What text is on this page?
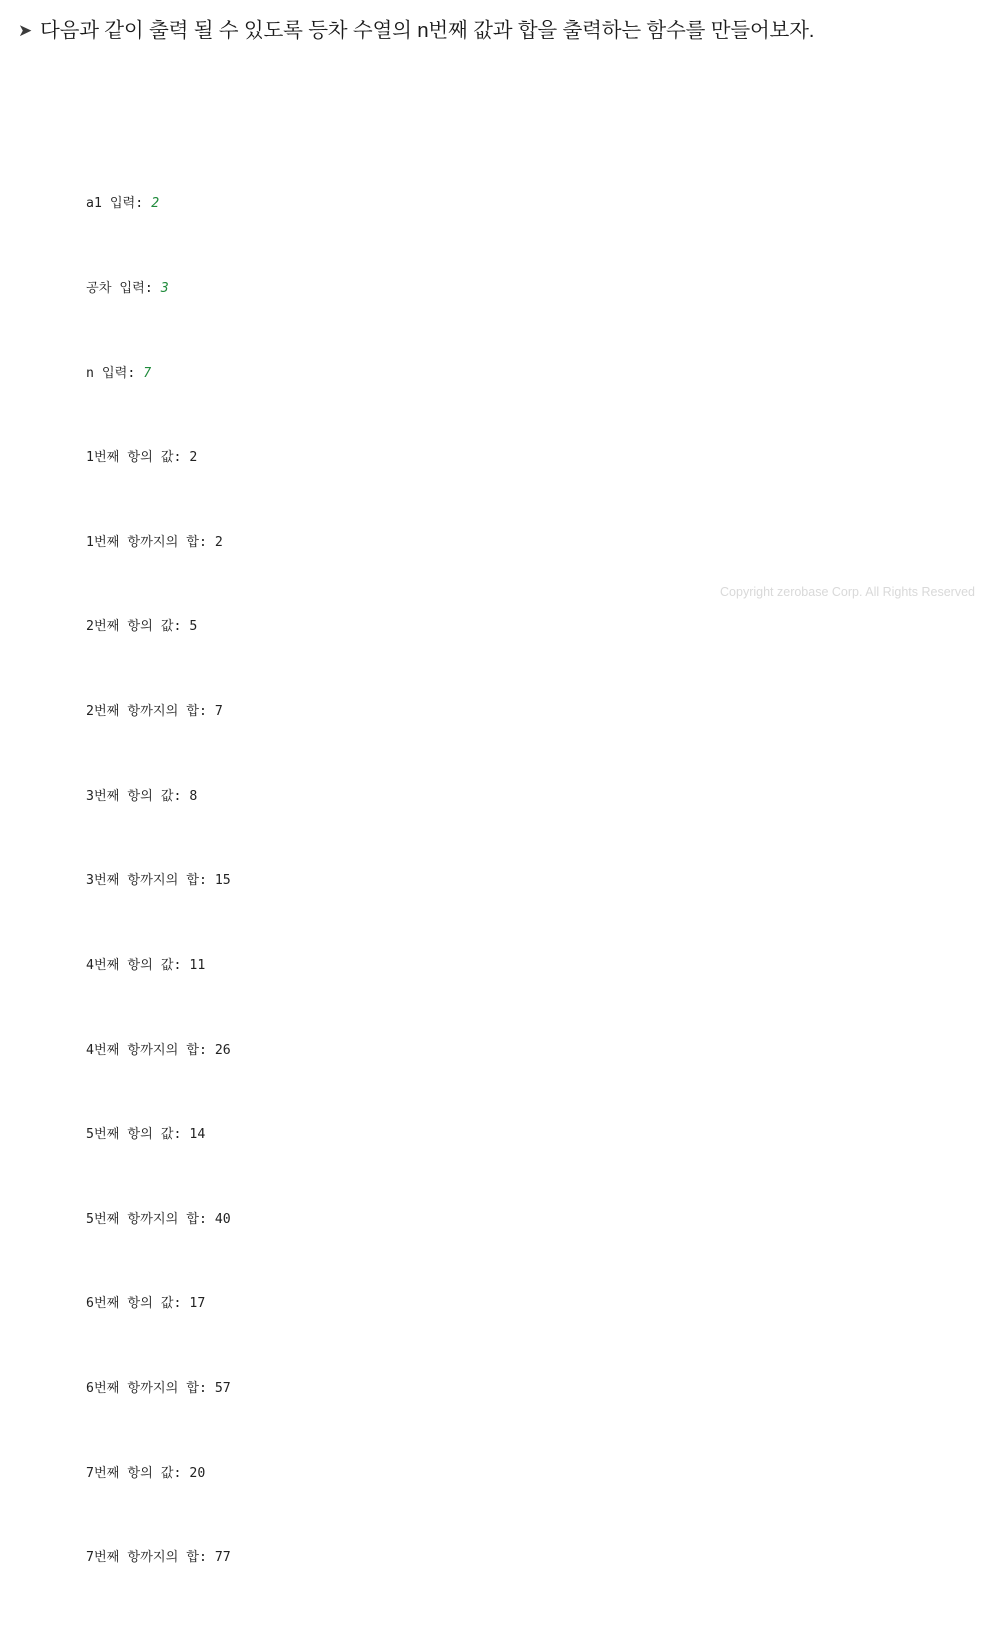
➤ 다음과 같이 출력 될 수 있도록 등차 수열의 n번째 값과 합을 출력하는 함수를 만들어보자.

a1 입력: 2

공차 입력: 3

n 입력: 7

1번째 항의 값: 2

1번째 항까지의 합: 2

2번째 항의 값: 5

2번째 항까지의 합: 7

3번째 항의 값: 8

3번째 항까지의 합: 15

4번째 항의 값: 11

4번째 항까지의 합: 26

5번째 항의 값: 14

5번째 항까지의 합: 40

6번째 항의 값: 17

6번째 항까지의 합: 57

7번째 항의 값: 20

7번째 항까지의 합: 77

Copyright zerobase Corp. All Rights Reserved
